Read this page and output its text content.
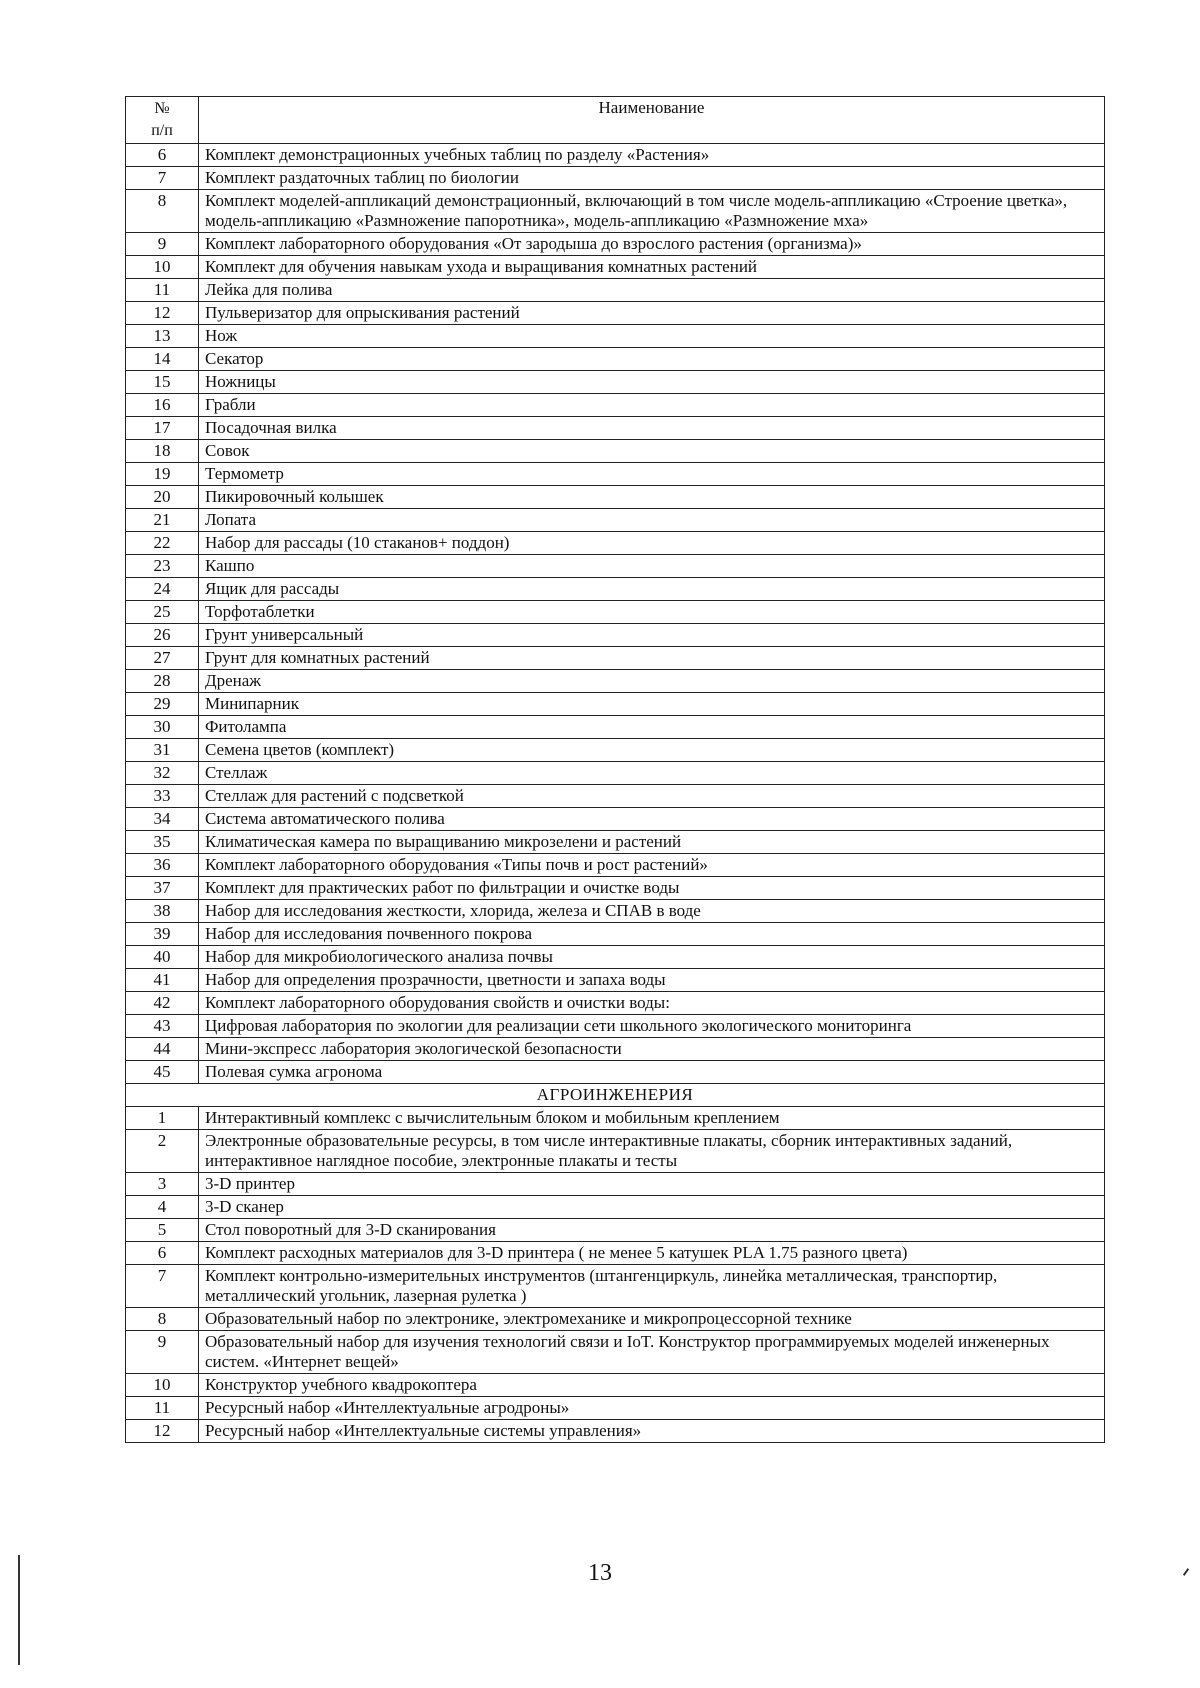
№
п/п	Наименование
6	Комплект демонстрационных учебных таблиц по разделу «Растения»
7	Комплект раздаточных таблиц по биологии
8	Комплект моделей-аппликаций демонстрационный, включающий в том числе модель-аппликацию «Строение цветка», модель-аппликацию «Размножение папоротника», модель-аппликацию «Размножение мха»
9	Комплект лабораторного оборудования «От зародыша до взрослого растения (организма)»
10	Комплект для обучения навыкам ухода и выращивания комнатных растений
11	Лейка для полива
12	Пульверизатор для опрыскивания растений
13	Нож
14	Секатор
15	Ножницы
16	Грабли
17	Посадочная вилка
18	Совок
19	Термометр
20	Пикировочный колышек
21	Лопата
22	Набор для рассады (10 стаканов+ поддон)
23	Кашпо
24	Ящик для рассады
25	Торфотаблетки
26	Грунт универсальный
27	Грунт для комнатных растений
28	Дренаж
29	Минипарник
30	Фитолампа
31	Семена цветов (комплект)
32	Стеллаж
33	Стеллаж для растений с подсветкой
34	Система автоматического полива
35	Климатическая камера по выращиванию микрозелени и растений
36	Комплект лабораторного оборудования «Типы почв и рост растений»
37	Комплект для практических работ по фильтрации и очистке воды
38	Набор для исследования жесткости, хлорида, железа и СПАВ в воде
39	Набор для исследования почвенного покрова
40	Набор для микробиологического анализа почвы
41	Набор для определения прозрачности, цветности и запаха воды
42	Комплект лабораторного оборудования свойств и очистки воды:
43	Цифровая лаборатория по экологии для реализации сети школьного экологического мониторинга
44	Мини-экспресс лаборатория экологической безопасности
45	Полевая сумка агронома
АГРОИНЖЕНЕРИЯ	
1	Интерактивный комплекс с вычислительным блоком и мобильным креплением
2	Электронные образовательные ресурсы, в том числе интерактивные плакаты, сборник интерактивных заданий, интерактивное наглядное пособие, электронные плакаты и тесты
3	3-D принтер
4	3-D сканер
5	Стол поворотный для 3-D сканирования
6	Комплект расходных материалов для 3-D принтера ( не менее 5 катушек PLA 1.75 разного цвета)
7	Комплект контрольно-измерительных инструментов (штангенциркуль, линейка металлическая, транспортир, металлический угольник, лазерная рулетка )
8	Образовательный набор по электронике, электромеханике и микропроцессорной технике
9	Образовательный набор для изучения технологий связи и IoT. Конструктор программируемых моделей инженерных систем. «Интернет вещей»
10	Конструктор учебного квадрокоптера
11	Ресурсный набор «Интеллектуальные агродроны»
12	Ресурсный набор «Интеллектуальные системы управления»
13
